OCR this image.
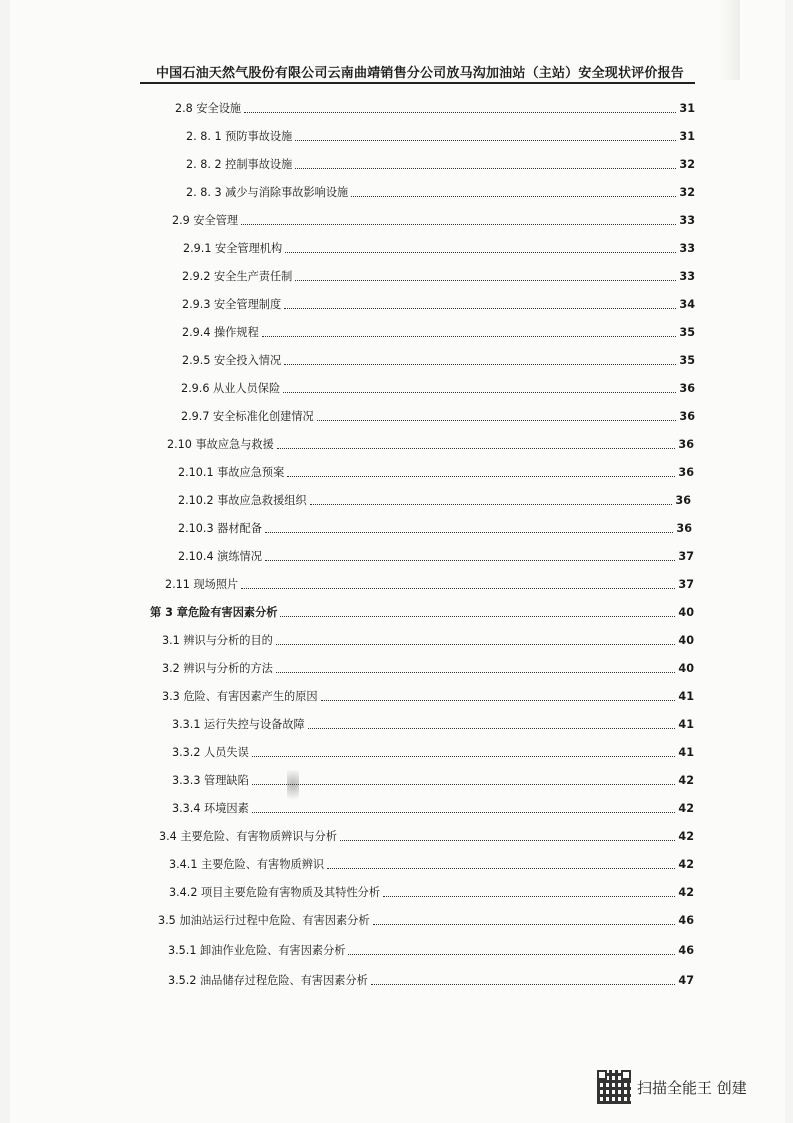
中国石油天然气股份有限公司云南曲靖销售分公司放马沟加油站（主站）安全现状评价报告
2.8 安全设施	31
2. 8. 1 预防事故设施	31
2. 8. 2 控制事故设施	32
2. 8. 3 减少与消除事故影响设施	32
2.9 安全管理	33
2.9.1 安全管理机构	33
2.9.2 安全生产责任制	33
2.9.3 安全管理制度	34
2.9.4 操作规程	35
2.9.5 安全投入情况	35
2.9.6 从业人员保险	36
2.9.7 安全标准化创建情况	36
2.10 事故应急与救援	36
2.10.1 事故应急预案	36
2.10.2 事故应急救援组织	36
2.10.3 器材配备	36
2.10.4 演练情况	37
2.11 现场照片	37
第 3 章危险有害因素分析	40
3.1 辨识与分析的目的	40
3.2 辨识与分析的方法	40
3.3 危险、有害因素产生的原因	41
3.3.1 运行失控与设备故障	41
3.3.2 人员失误	41
3.3.3 管理缺陷	42
3.3.4 环境因素	42
3.4 主要危险、有害物质辨识与分析	42
3.4.1 主要危险、有害物质辨识	42
3.4.2 项目主要危险有害物质及其特性分析	42
3.5 加油站运行过程中危险、有害因素分析	46
3.5.1 卸油作业危险、有害因素分析	46
3.5.2 油品储存过程危险、有害因素分析	47
扫描全能王 创建
